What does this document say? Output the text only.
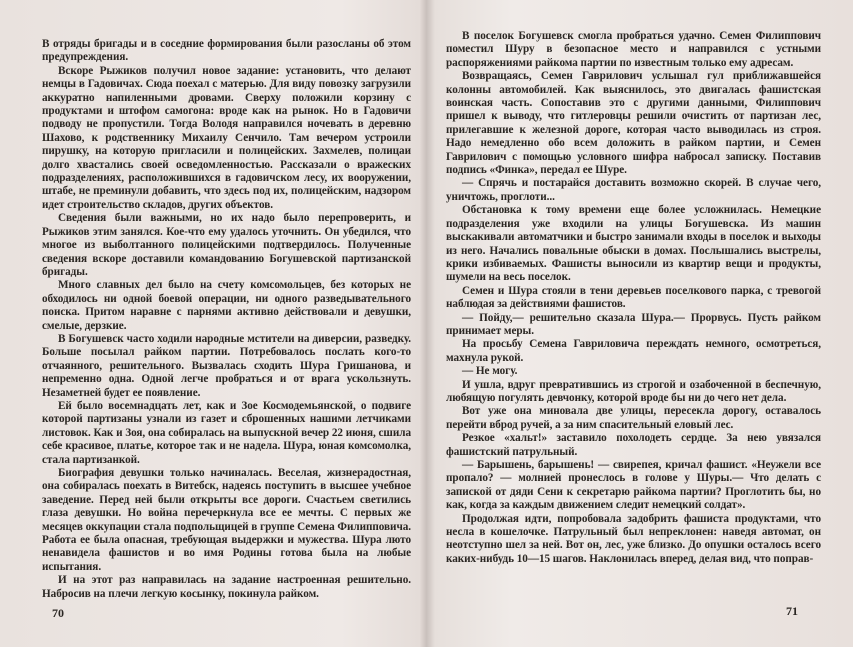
В отряды бригады и в соседние формирования были разосланы об этом предупреждения.

Вскоре Рыжиков получил новое задание: установить, что делают немцы в Гадовичах. Сюда поехал с матерью. Для виду повозку загрузили аккуратно напиленными дровами. Сверху положили корзину с продуктами и штофом самогона: вроде как на рынок. Но в Гадовичи подводу не пропустили. Тогда Володя направился ночевать в деревню Шахово, к родственнику Михаилу Сенчило. Там вечером устроили пирушку, на которую пригласили и полицейских. Захмелев, полицаи долго хвастались своей осведомленностью. Рассказали о вражеских подразделениях, расположившихся в гадовичском лесу, их вооружении, штабе, не преминули добавить, что здесь под их, полицейским, надзором идет строительство складов, других объектов.

Сведения были важными, но их надо было перепроверить, и Рыжиков этим занялся. Кое-что ему удалось уточнить. Он убедился, что многое из выболтанного полицейскими подтвердилось. Полученные сведения вскоре доставили командованию Богушевской партизанской бригады.

Много славных дел было на счету комсомольцев, без которых не обходилось ни одной боевой операции, ни одного разведывательного поиска. Притом наравне с парнями активно действовали и девушки, смелые, дерзкие.

В Богушевск часто ходили народные мстители на диверсии, разведку. Больше посылал райком партии. Потребовалось послать кого-то отчаянного, решительного. Вызвалась сходить Шура Гришанова, и непременно одна. Одной легче пробраться и от врага ускользнуть. Незаметней будет ее появление.

Ей было восемнадцать лет, как и Зое Космодемьянской, о подвиге которой партизаны узнали из газет и сброшенных нашими летчиками листовок. Как и Зоя, она собиралась на выпускной вечер 22 июня, сшила себе красивое, платье, которое так и не надела. Шура, юная комсомолка, стала партизанкой.

Биография девушки только начиналась. Веселая, жизнерадостная, она собиралась поехать в Витебск, надеясь поступить в высшее учебное заведение. Перед ней были открыты все дороги. Счастьем светились глаза девушки. Но война перечеркнула все ее мечты. С первых же месяцев оккупации стала подпольщицей в группе Семена Филипповича. Работа ее была опасная, требующая выдержки и мужества. Шура люто ненавидела фашистов и во имя Родины готова была на любые испытания.

И на этот раз направилась на задание настроенная решительно. Набросив на плечи легкую косынку, покинула райком.

70

В поселок Богушевск смогла пробраться удачно. Семен Филиппович поместил Шуру в безопасное место и направился с устными распоряжениями райкома партии по известным только ему адресам.

Возвращаясь, Семен Гаврилович услышал гул приближавшейся колонны автомобилей. Как выяснилось, это двигалась фашистская воинская часть. Сопоставив это с другими данными, Филиппович пришел к выводу, что гитлеровцы решили очистить от партизан лес, прилегавшие к железной дороге, которая часто выводилась из строя. Надо немедленно обо всем доложить в райком партии, и Семен Гаврилович с помощью условного шифра набросал записку. Поставив подпись «Финка», передал ее Шуре.

— Спрячь и постарайся доставить возможно скорей. В случае чего, уничтожь, проглоти...

Обстановка к тому времени еще более усложнилась. Немецкие подразделения уже входили на улицы Богушевска. Из машин выскакивали автоматчики и быстро занимали входы в поселок и выходы из него. Начались повальные обыски в домах. Послышались выстрелы, крики избиваемых. Фашисты выносили из квартир вещи и продукты, шумели на весь поселок.

Семен и Шура стояли в тени деревьев поселкового парка, с тревогой наблюдая за действиями фашистов.

— Пойду,— решительно сказала Шура.— Прорвусь. Пусть райком принимает меры.

На просьбу Семена Гавриловича переждать немного, осмотреться, махнула рукой.

— Не могу.

И ушла, вдруг превратившись из строгой и озабоченной в беспечную, любящую погулять девчонку, которой вроде бы ни до чего нет дела.

Вот уже она миновала две улицы, пересекла дорогу, оставалось перейти вброд ручей, а за ним спасительный еловый лес.

Резкое «хальт!» заставило похолодеть сердце. За нею увязался фашистский патрульный.

— Барышень, барышень! — свирепея, кричал фашист. «Неужели все пропало? — молнией пронеслось в голове у Шуры.— Что делать с запиской от дяди Сени к секретарю райкома партии? Проглотить бы, но как, когда за каждым движением следит немецкий солдат».

Продолжая идти, попробовала задобрить фашиста продуктами, что несла в кошелочке. Патрульный был непреклонен: наведя автомат, он неотступно шел за ней. Вот он, лес, уже близко. До опушки осталось всего каких-нибудь 10—15 шагов. Наклонилась вперед, делая вид, что поправ-

71
